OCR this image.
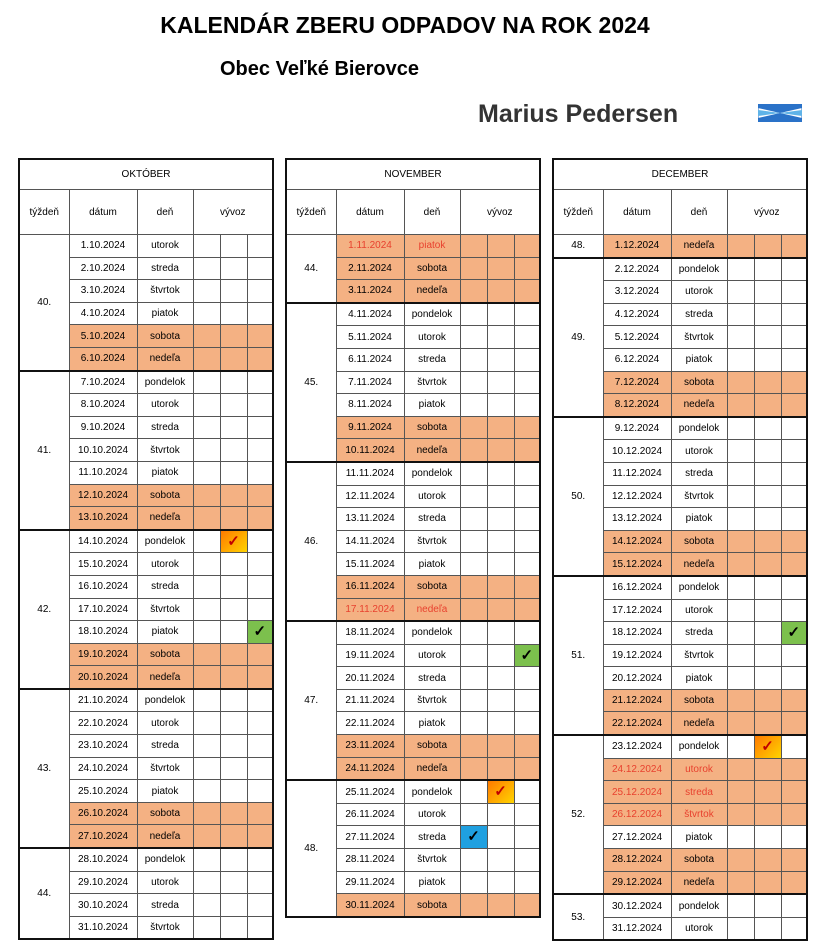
KALENDÁR ZBERU ODPADOV NA ROK 2024
Obec Veľké Bierovce
Marius Pedersen
OKTÓBER					
týždeň	dátum	deň	vývoz		
40.	1.10.2024	utorok			
	2.10.2024	streda			
	3.10.2024	štvrtok			
	4.10.2024	piatok			
	5.10.2024	sobota			
	6.10.2024	nedeľa			
41.	7.10.2024	pondelok			
	8.10.2024	utorok			
	9.10.2024	streda			
	10.10.2024	štvrtok			
	11.10.2024	piatok			
	12.10.2024	sobota			
	13.10.2024	nedeľa			
42.	14.10.2024	pondelok		✓	

	15.10.2024	utorok			
	16.10.2024	streda			
	17.10.2024	štvrtok			
	18.10.2024	piatok			✓

	19.10.2024	sobota			
	20.10.2024	nedeľa			
43.	21.10.2024	pondelok			
	22.10.2024	utorok			
	23.10.2024	streda			
	24.10.2024	štvrtok			
	25.10.2024	piatok			
	26.10.2024	sobota			
	27.10.2024	nedeľa			
44.	28.10.2024	pondelok			
	29.10.2024	utorok			
	30.10.2024	streda			
	31.10.2024	štvrtok			
NOVEMBER					
týždeň	dátum	deň	vývoz		
44.	1.11.2024	piatok			
	2.11.2024	sobota			
	3.11.2024	nedeľa			
45.	4.11.2024	pondelok			
	5.11.2024	utorok			
	6.11.2024	streda			
	7.11.2024	štvrtok			
	8.11.2024	piatok			
	9.11.2024	sobota			
	10.11.2024	nedeľa			
46.	11.11.2024	pondelok			
	12.11.2024	utorok			
	13.11.2024	streda			
	14.11.2024	štvrtok			
	15.11.2024	piatok			
	16.11.2024	sobota			
	17.11.2024	nedeľa			
47.	18.11.2024	pondelok			
	19.11.2024	utorok			✓

	20.11.2024	streda			
	21.11.2024	štvrtok			
	22.11.2024	piatok			
	23.11.2024	sobota			
	24.11.2024	nedeľa			
48.	25.11.2024	pondelok		✓	

	26.11.2024	utorok			
	27.11.2024	streda	✓		

	28.11.2024	štvrtok			
	29.11.2024	piatok			
	30.11.2024	sobota			
DECEMBER					
týždeň	dátum	deň	vývoz		
48.	1.12.2024	nedeľa			
49.	2.12.2024	pondelok			
	3.12.2024	utorok			
	4.12.2024	streda			
	5.12.2024	štvrtok			
	6.12.2024	piatok			
	7.12.2024	sobota			
	8.12.2024	nedeľa			
50.	9.12.2024	pondelok			
	10.12.2024	utorok			
	11.12.2024	streda			
	12.12.2024	štvrtok			
	13.12.2024	piatok			
	14.12.2024	sobota			
	15.12.2024	nedeľa			
51.	16.12.2024	pondelok			
	17.12.2024	utorok			
	18.12.2024	streda			✓

	19.12.2024	štvrtok			
	20.12.2024	piatok			
	21.12.2024	sobota			
	22.12.2024	nedeľa			
52.	23.12.2024	pondelok		✓	

	24.12.2024	utorok			
	25.12.2024	streda			
	26.12.2024	štvrtok			
	27.12.2024	piatok			
	28.12.2024	sobota			
	29.12.2024	nedeľa			
53.	30.12.2024	pondelok			
	31.12.2024	utorok			
